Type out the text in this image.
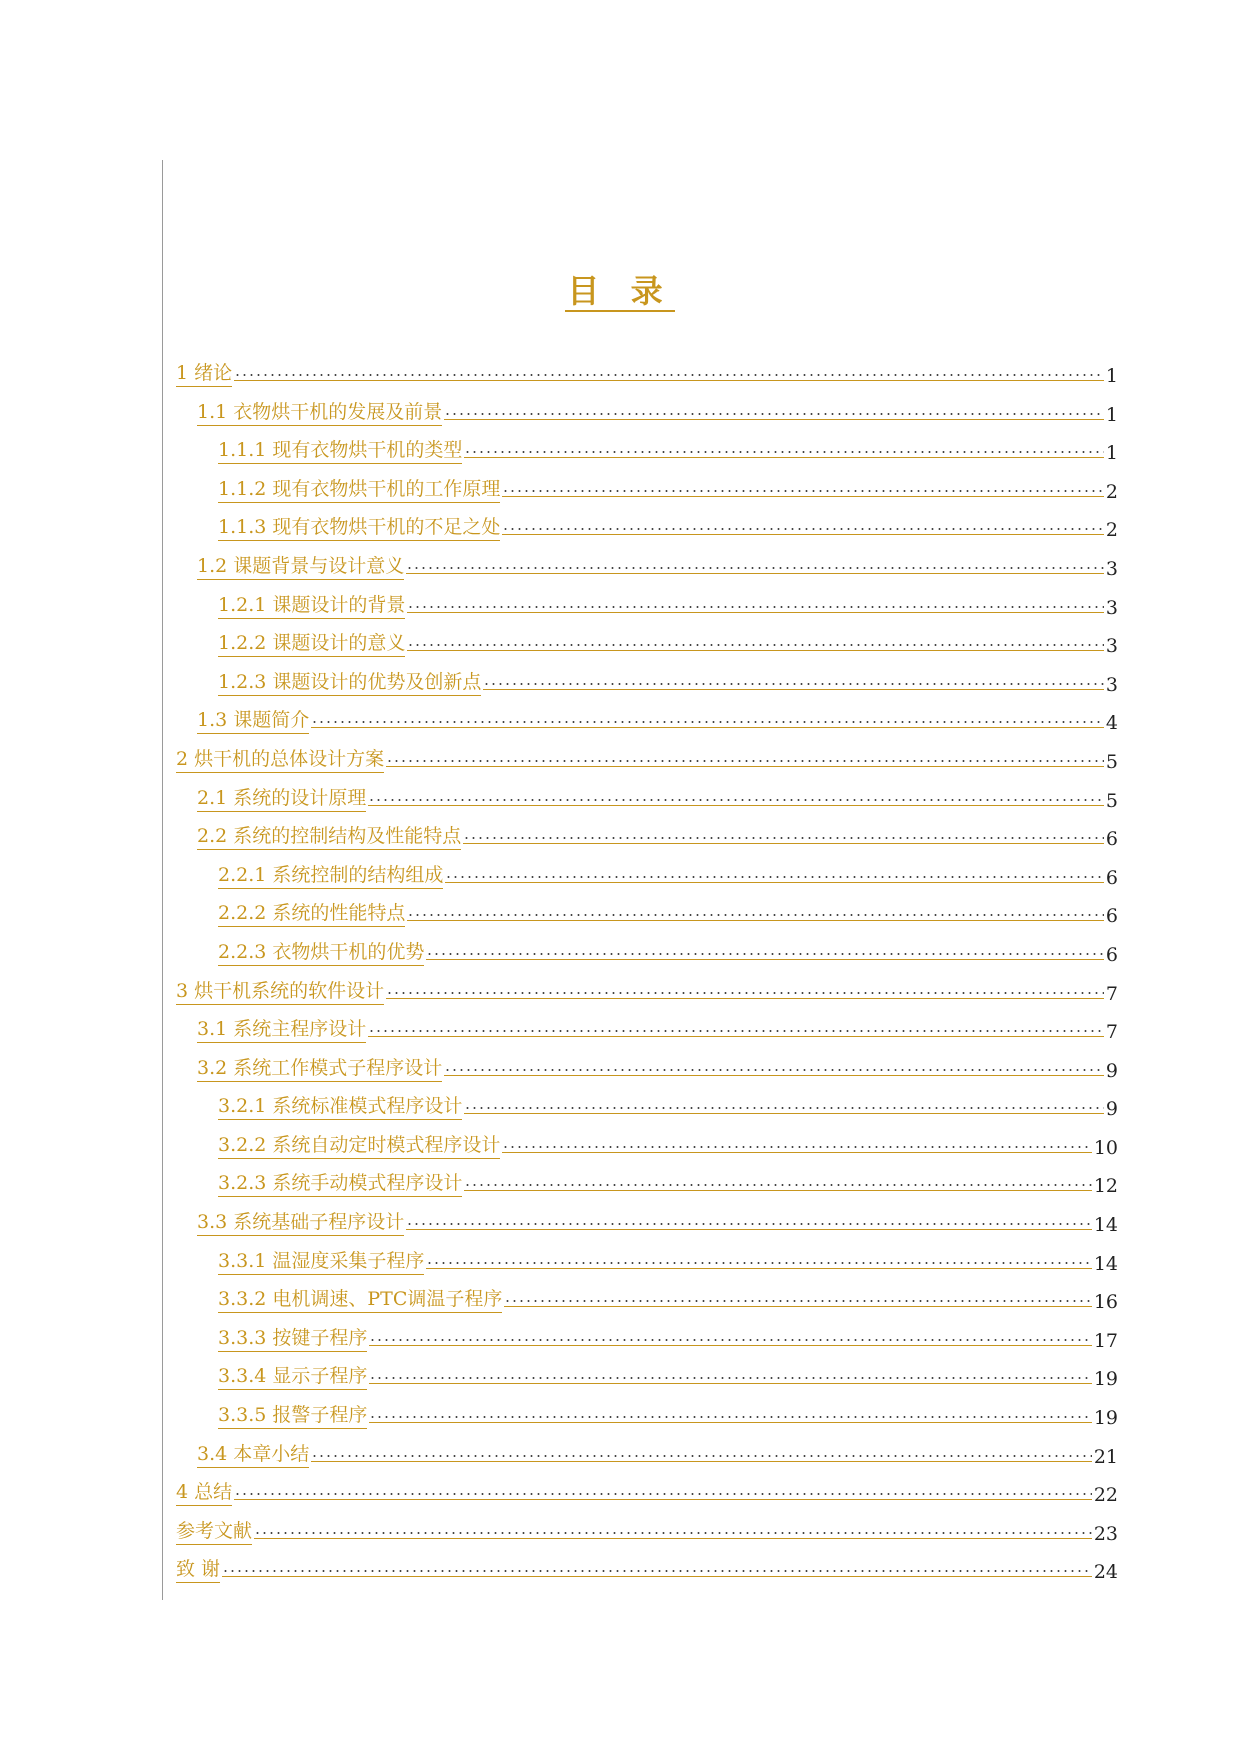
目 录
1 绪论	1
1.1 衣物烘干机的发展及前景	1
1.1.1 现有衣物烘干机的类型	1
1.1.2 现有衣物烘干机的工作原理	2
1.1.3 现有衣物烘干机的不足之处	2
1.2 课题背景与设计意义	3
1.2.1 课题设计的背景	3
1.2.2 课题设计的意义	3
1.2.3 课题设计的优势及创新点	3
1.3 课题简介	4
2 烘干机的总体设计方案	5
2.1 系统的设计原理	5
2.2 系统的控制结构及性能特点	6
2.2.1 系统控制的结构组成	6
2.2.2 系统的性能特点	6
2.2.3 衣物烘干机的优势	6
3 烘干机系统的软件设计	7
3.1 系统主程序设计	7
3.2 系统工作模式子程序设计	9
3.2.1 系统标准模式程序设计	9
3.2.2 系统自动定时模式程序设计	10
3.2.3 系统手动模式程序设计	12
3.3 系统基础子程序设计	14
3.3.1 温湿度采集子程序	14
3.3.2 电机调速、PTC调温子程序	16
3.3.3 按键子程序	17
3.3.4 显示子程序	19
3.3.5 报警子程序	19
3.4 本章小结	21
4 总结	22
参考文献	23
致 谢	24
